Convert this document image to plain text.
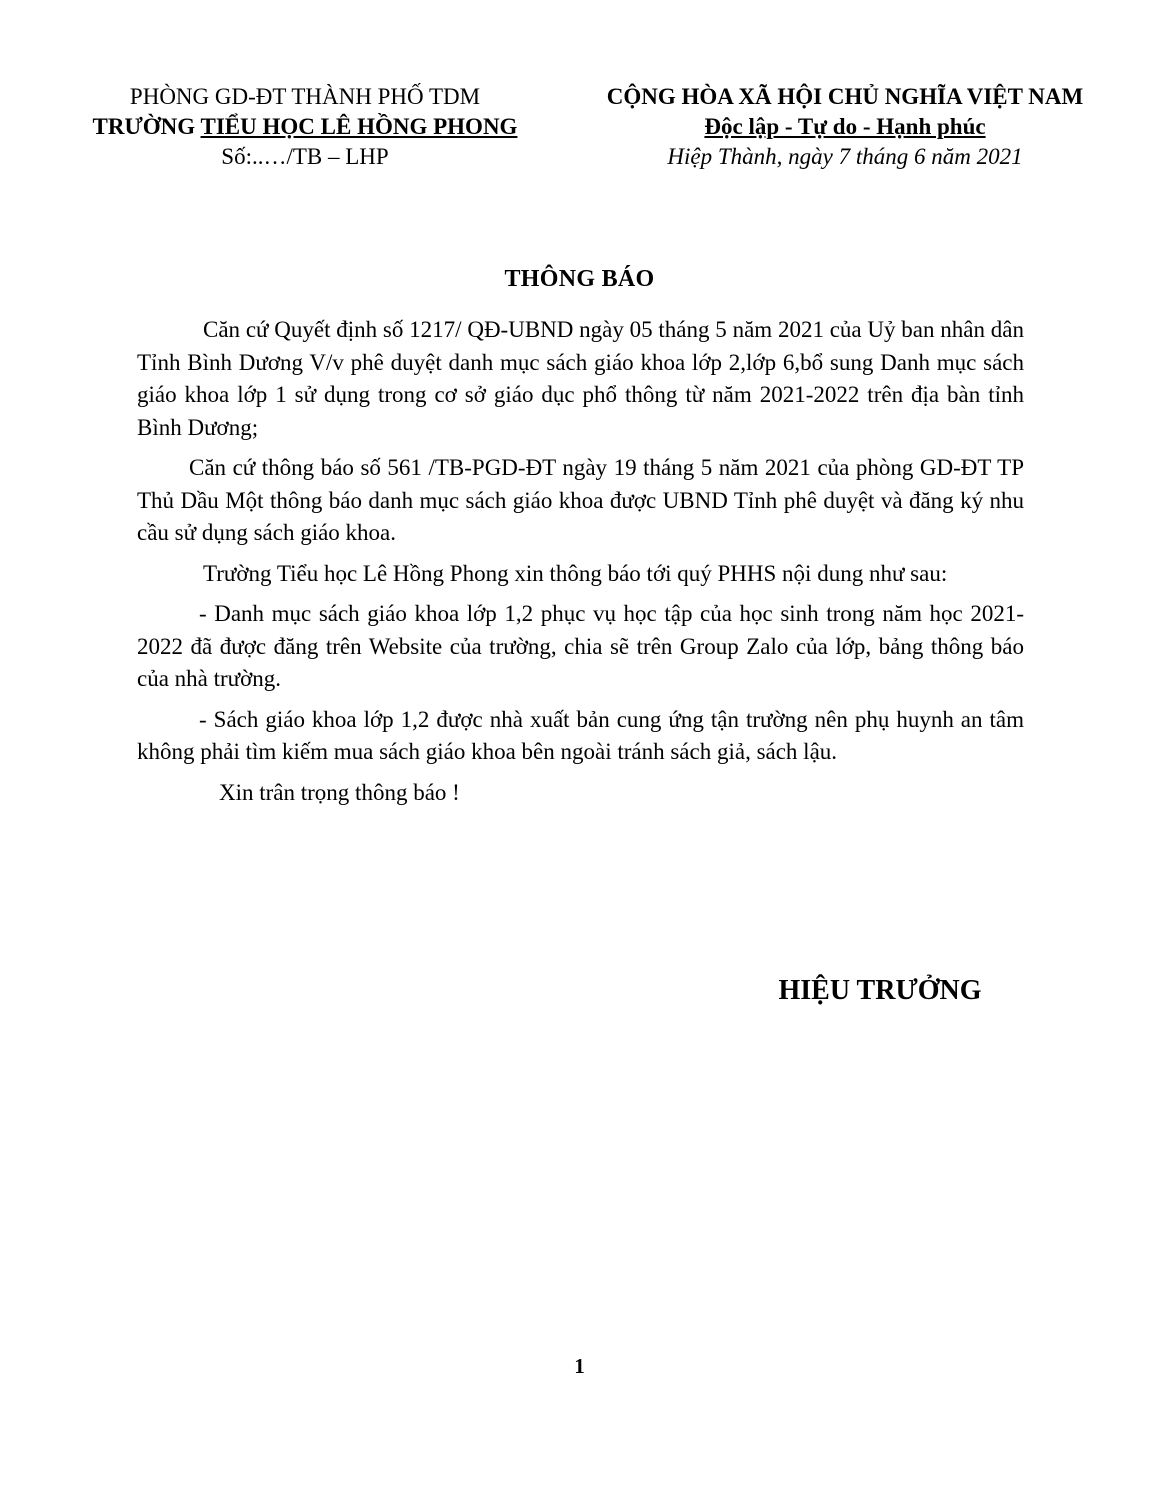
PHÒNG GD-ĐT THÀNH PHỐ TDM
TRƯỜNG TIỂU HỌC LÊ HỒNG PHONG
Số:..…/TB – LHP
CỘNG HÒA XÃ HỘI CHỦ NGHĨA VIỆT NAM
Độc lập - Tự do - Hạnh phúc
Hiệp Thành, ngày 7 tháng 6 năm 2021
THÔNG BÁO

Căn cứ Quyết định số 1217/ QĐ-UBND ngày 05 tháng 5 năm 2021 của Uỷ ban nhân dân Tỉnh Bình Dương V/v phê duyệt danh mục sách giáo khoa lớp 2,lớp 6,bổ sung Danh mục sách giáo khoa lớp 1 sử dụng trong cơ sở giáo dục phổ thông từ năm 2021-2022 trên địa bàn tỉnh Bình Dương;

Căn cứ thông báo số 561 /TB-PGD-ĐT ngày 19 tháng 5 năm 2021 của phòng GD-ĐT TP Thủ Dầu Một thông báo danh mục sách giáo khoa được UBND Tỉnh phê duyệt và đăng ký nhu cầu sử dụng sách giáo khoa.

Trường Tiểu học Lê Hồng Phong xin thông báo tới quý PHHS nội dung như sau:

- Danh mục sách giáo khoa lớp 1,2 phục vụ học tập của học sinh trong năm học 2021-2022 đã được đăng trên Website của trường, chia sẽ trên Group Zalo của lớp, bảng thông báo của nhà trường.

- Sách giáo khoa lớp 1,2 được nhà xuất bản cung ứng tận trường nên phụ huynh an tâm không phải tìm kiếm mua sách giáo khoa bên ngoài tránh sách giả, sách lậu.

Xin trân trọng thông báo !

HIỆU TRƯỞNG
1
